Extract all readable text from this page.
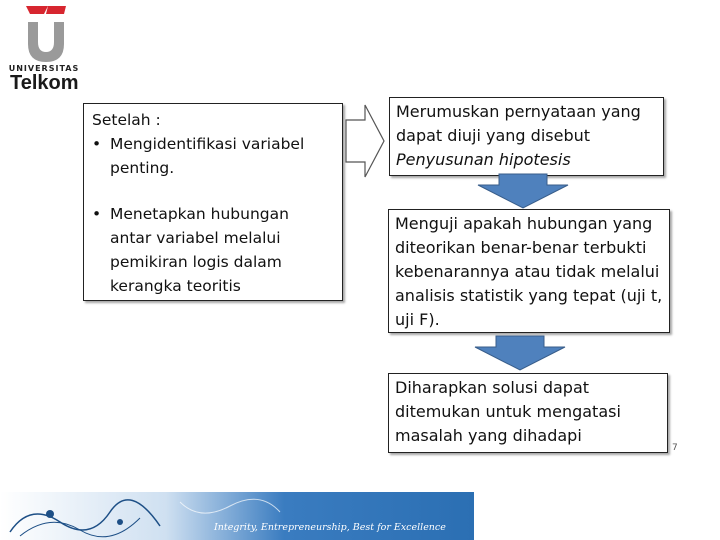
UNIVERSITAS
Telkom
Setelah :
• Mengidentifikasi variabel penting.
• Menetapkan hubungan antar variabel melalui pemikiran logis dalam kerangka teoritis
Merumuskan pernyataan yang dapat diuji yang disebut
Penyusunan hipotesis
Menguji apakah hubungan yang diteorikan benar-benar terbukti kebenarannya atau tidak melalui analisis statistik yang tepat (uji t, uji F).
Diharapkan solusi dapat ditemukan untuk mengatasi masalah yang dihadapi
7
Integrity, Entrepreneurship, Best for Excellence
